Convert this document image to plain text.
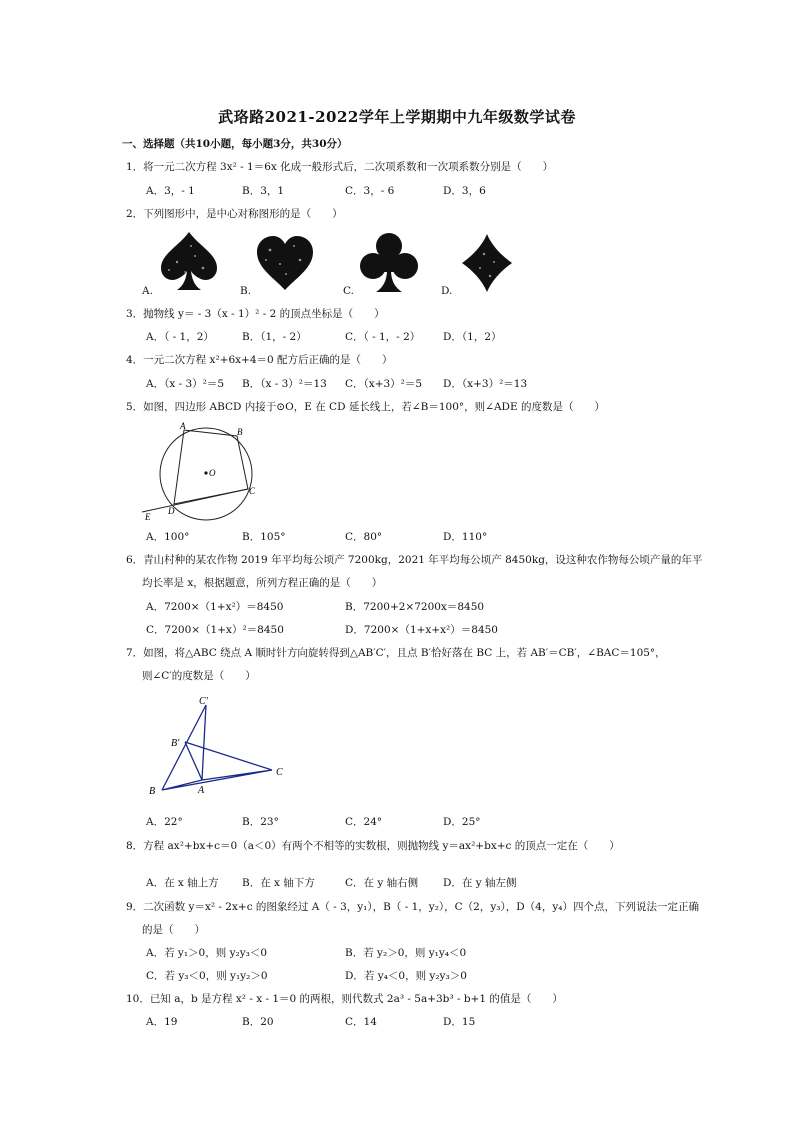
武珞路2021-2022学年上学期期中九年级数学试卷
一、选择题（共10小题，每小题3分，共30分）
1．将一元二次方程 3x² - 1＝6x 化成一般形式后，二次项系数和一次项系数分别是（　　）
A．3，- 1	B．3，1	C．3，- 6	D．3，6
2．下列图形中，是中心对称图形的是（　　）
A.	B.	C.	D.
3．抛物线 y＝ - 3（x - 1）² - 2 的顶点坐标是（　　）
A．（ - 1，2）	B．（1，- 2）	C．（ - 1，- 2） D．（1，2）
4．一元二次方程 x²+6x+4＝0 配方后正确的是（　　）
A．（x - 3）²＝5 B．（x - 3）²＝13 C．（x+3）²＝5 D．（x+3）²＝13
5．如图，四边形 ABCD 内接于⊙O，E 在 CD 延长线上，若∠B＝100°，则∠ADE 的度数是（　　）
A
B
C
D
E
O
A．100°	B．105°	C．80°	D．110°
6．青山村种的某农作物 2019 年平均每公顷产 7200kg，2021 年平均每公顷产 8450kg，设这种农作物每公顷产量的年平
均长率是 x，根据题意，所列方程正确的是（　　）
A．7200×（1+x²）＝8450	B．7200+2×7200x＝8450
C．7200×（1+x）²＝8450	D．7200×（1+x+x²）＝8450
7．如图，将△ABC 绕点 A 顺时针方向旋转得到△AB′C′，且点 B′恰好落在 BC 上，若 AB′＝CB′，∠BAC＝105°，
则∠C′的度数是（　　）
C′
B′
C
B	A
A．22°	B．23°	C．24°	D．25°
8．方程 ax²+bx+c＝0（a＜0）有两个不相等的实数根，则抛物线 y＝ax²+bx+c 的顶点一定在（　　）
A．在 x 轴上方 B．在 x 轴下方	C．在 y 轴右侧 D．在 y 轴左侧
9．二次函数 y＝x² - 2x+c 的图象经过 A（ - 3，y₁），B（ - 1，y₂），C（2，y₃），D（4，y₄）四个点，下列说法一定正确
的是（　　）
A．若 y₁＞0，则 y₂y₃＜0	B．若 y₂＞0，则 y₁y₄＜0
C．若 y₃＜0，则 y₁y₂＞0	D．若 y₄＜0，则 y₂y₃＞0
10．已知 a，b 是方程 x² - x - 1＝0 的两根，则代数式 2a³ - 5a+3b³ - b+1 的值是（　　）
A．19	B．20	C．14	D．15
